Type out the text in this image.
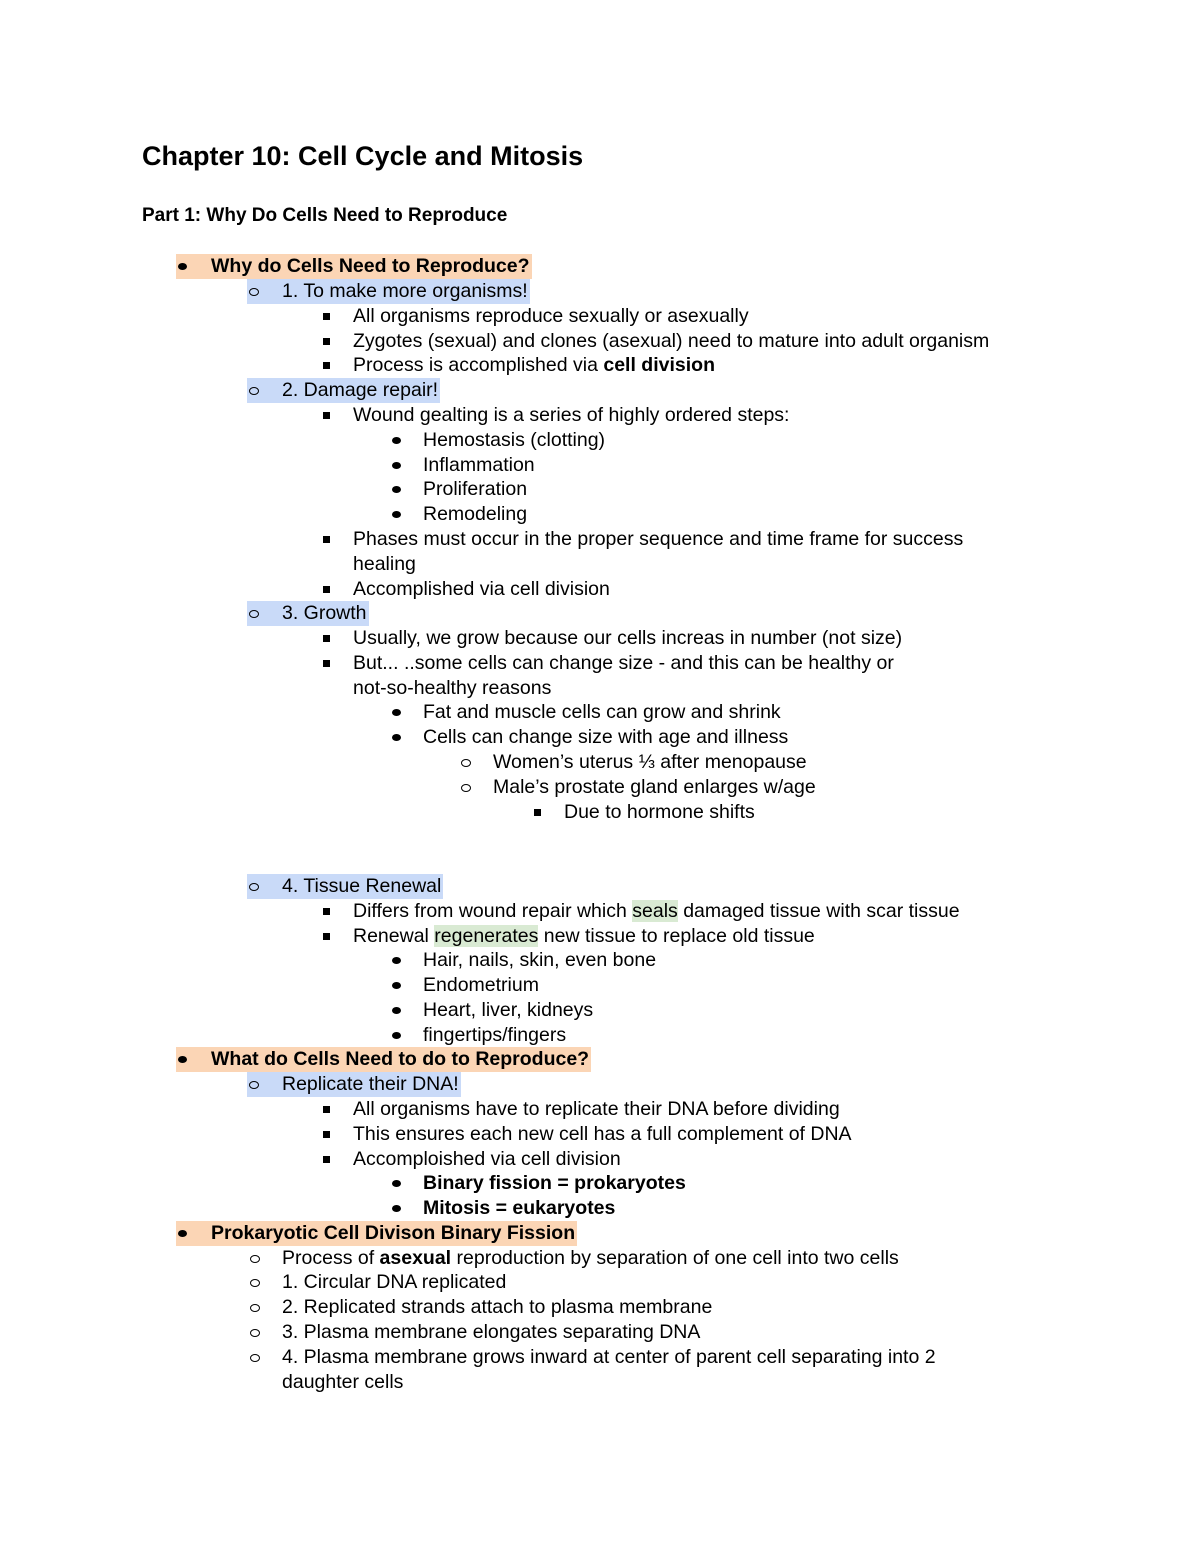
Chapter 10: Cell Cycle and Mitosis
Part 1: Why Do Cells Need to Reproduce
Why do Cells Need to Reproduce?
1. To make more organisms!
All organisms reproduce sexually or asexually
Zygotes (sexual) and clones (asexual) need to mature into adult organism
Process is accomplished via cell division
2. Damage repair!
Wound gealting is a series of highly ordered steps:
Hemostasis (clotting)
Inflammation
Proliferation
Remodeling
Phases must occur in the proper sequence and time frame for success
healing
Accomplished via cell division
3. Growth
Usually, we grow because our cells increas in number (not size)
But... ..some cells can change size - and this can be healthy or
not-so-healthy reasons
Fat and muscle cells can grow and shrink
Cells can change size with age and illness
Women’s uterus ⅓ after menopause
Male’s prostate gland enlarges w/age
Due to hormone shifts
4. Tissue Renewal
Differs from wound repair which seals damaged tissue with scar tissue
Renewal regenerates new tissue to replace old tissue
Hair, nails, skin, even bone
Endometrium
Heart, liver, kidneys
fingertips/fingers
What do Cells Need to do to Reproduce?
Replicate their DNA!
All organisms have to replicate their DNA before dividing
This ensures each new cell has a full complement of DNA
Accomploished via cell division
Binary fission = prokaryotes
Mitosis = eukaryotes
Prokaryotic Cell Divison Binary Fission
Process of asexual reproduction by separation of one cell into two cells
1. Circular DNA replicated
2. Replicated strands attach to plasma membrane
3. Plasma membrane elongates separating DNA
4. Plasma membrane grows inward at center of parent cell separating into 2
daughter cells
